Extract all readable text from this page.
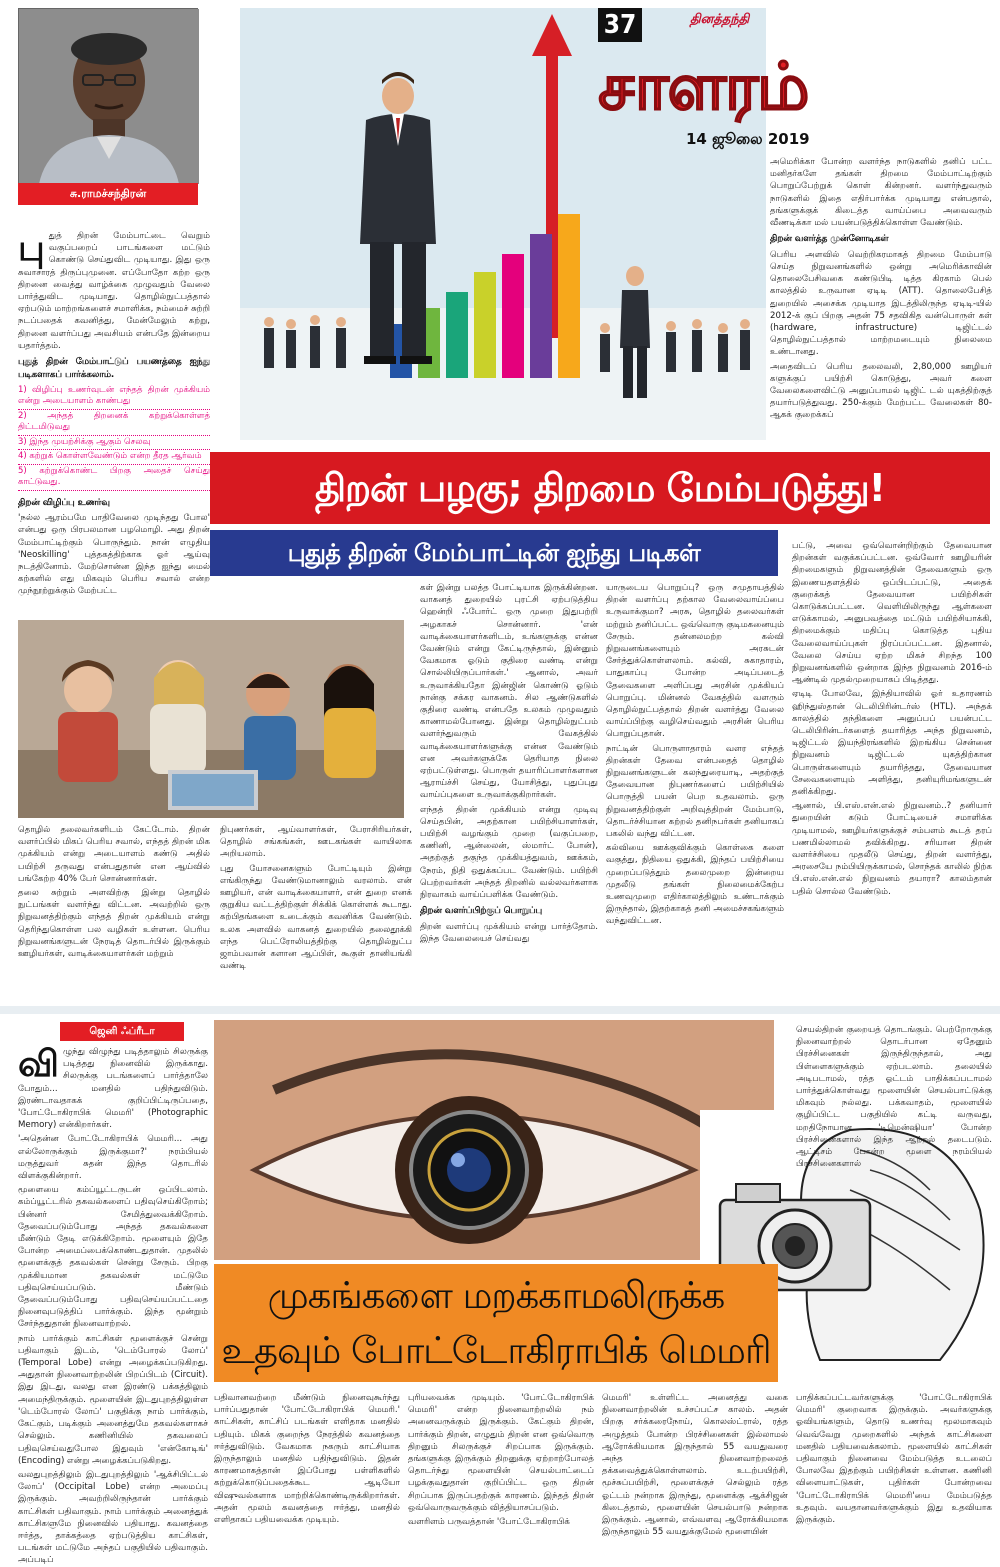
சு.ராமச்சந்திரன்
37	தினத்தந்தி
சாளரம்
14 ஜூலை 2019

அமெரிக்கா போன்ற வளர்ந்த நாடுகளில் தனிப் பட்ட மனிதர்களே தங்கள் திறமை மேம்பாட்டிற்கும் பொறுப்பேற்றுக் கொள் கின்றனர். வளர்ந்துவரும் நாடுகளில் இதை எதிர்பார்க்க முடியாது என்பதால், தங்களுக்குக் கிடைத்த வாய்ப்பை அவைவரும் வீணடிக்கா மல் பயன்படுத்திக்கொள்ள வேண்டும்.

திறன் வளர்த்த முன்னோடிகள்

பெரிய அளவில் வெற்றிகரமாகத் திறமை மேம்பாடு செய்த நிறுவனங்களில் ஒன்று அமெரிக்காவின் தொலைபேசிவகை கண்டுபிடி டித்த கிரகாம் பெல் காலத்தில் உருவான ஏடிடி (ATT). தொலைபேசித் துறையில் அசைக்க முடியாத இடத்திலிருந்த ஏடிடி-யில் 2012-க் குப் பிறகு அதன் 75 சதவிகித வன்பொருள் கள் (hardware, infrastructure) டிஜிட்டல் தொழில்நுட்பத்தால் மாற்றமடையும் நிலைமை உண்டானது.

அதைவிடப் பெரிய தலைவலி, 2,80,000 ஊழியர் களுக்குப் பயிற்சி கொடுத்து, அவர் களை வேலைகளைவிட்டு அனுப்பாமல் டிஜிட் டல் யுகத்திற்குத் தயார்படுத்துவது. 250-க்கும் மேற்பட்ட வேலைகள் 80-ஆகக் குறைக்கப்

பு துத் திறன் மேம்பாட்டை வெறும் வகுப்பறைப் பாடங்களை மட்டும் கொண்டு செய்துவிட முடியாது. இது ஒரு சுவாசாரத் திருப்புமுனை. எப்போதோ கற்ற ஒரு திறனை வைத்து வாழ்க்கை முழுவதும் வேலை பார்த்துவிட முடியாது. தொழில்நுட்பத்தால் ஏற்படும் மாற்றங்களைச் சமாளிக்க, நம்மைச் சுற்றி நடப்பதைக் கவனித்து, மேன்மேலும் கற்று, திறனை வளர்ப்பது அவசியம் என்பதே இன்றைய யதார்த்தம்.

புதுத் திறன் மேம்பாட்டுப் பயணத்தை ஐந்து படிகளாகப் பார்க்கலாம்.
1) விழிப்பு உணர்வுடன் எந்தத் திறன் முக்கியம் என்று அடையாளம் காண்பது
2) அந்தத் திறனைக் கற்றுக்கொள்ளத் திட்டமிடுவது
3) இந்த முயற்சிக்கு ஆகும் செலவு
4) கற்றுக் கொள்ளவேண்டும் என்ற தீரத ஆர்வம்
5) கற்றுக்கொண்ட பிறகு அதைச் செய்து காட்டுவது.
திறன் விழிப்பு உணர்வு

'நல்ல ஆரம்பமே பாதிவேலை முடிந்தது போல' என்பது ஒரு பிரபலமான பழமொழி. அது திறன் மேம்பாட்டிற்கும் பொருந்தும். நான் எழுதிய 'Neoskilling' புத்தகத்திற்காக ஓர் ஆய்வு நடத்தினோம். மேற்சொன்ன இந்த ஐந்து மைல் கற்களில் எது மிகவும் பெரிய சவால் என்ற முந்நூற்றுக்கும் மேற்பட்ட

திறன் பழகு; திறமை மேம்படுத்து!
புதுத் திறன் மேம்பாட்டின் ஐந்து படிகள்

கள் இன்று பலத்த போட்டியாக இருக்கின்றன. வாகனத் துறையில் புரட்சி ஏற்படுத்திய ஹென்றி ஃபோர்ட் ஒரு முறை இதுபற்றி அழகாகச் சொன்னார். 'என் வாடிக்கையாளர்களிடம், உங்களுக்கு என்ன வேண்டும் என்று கேட்டிருந்தால், இன்னும் வேகமாக ஓடும் குதிரை வண்டி என்று சொல்லியிருப்பார்கள்.' ஆனால், அவர் உருவாக்கியதோ இன்ஜின் கொண்டு ஓடும் நான்கு சக்கர வாகனம். சில ஆண்டுகளில் குதிரை வண்டி என்பதே உலகம் முழுவதும் காணாமல்போனது. இன்று தொழில்நுட்பம் வளர்ந்துவரும் வேகத்தில் வாடிக்கையாளர்களுக்கு என்ன வேண்டும் என அவர்களுக்கே தெரியாத நிலை ஏற்பட்டுள்ளது. பொருள் தயாரிப்பாளர்களான ஆராய்ச்சி செய்து, யோசித்து, புதுப்புது வாய்ப்புகளை உருவாக்குகிறார்கள்.

எந்தத் திறன் முக்கியம் என்று முடிவு செய்தபின், அதற்கான பயிற்சியாளர்கள், பயிற்சி வழங்கும் முறை (வகுப்பறை, கணினி, ஆன்லைன், ஸ்மார்ட் போன்), அதற்குத் தகுந்த முக்கியத்துவம், ஊக்கம், நேரம், நிதி ஒதுக்கப்பட வேண்டும். பயிற்சி பெற்றவர்கள் அந்தத் திறனில் வல்லவர்களாக நிரவாகம் வாய்ப்பளிக்க வேண்டும்.

திறன் வளர்ப்பிற்குப் பொறுப்பு

திறன் வளர்ப்பு முக்கியம் என்று பார்த்தோம். இந்த வேலையைச் செய்வது

யாருடைய பொறுப்பு? ஒரு சமுதாயத்தில் திறன் வளர்ப்பு தற்கால வேலைவாய்ப்பை உருவாக்குமா? அரசு, தொழில் தலைவர்கள் மற்றும் தனிப்பட்ட ஒவ்வொரு குடிமகனையும் சேரும். தன்னலமற்ற கல்வி நிறுவனங்களையும் அரசுடன் சேர்த்துக்கொள்ளலாம். கல்வி, சுகாதாரம், பாதுகாப்பு போன்ற அடிப்படைத் தேவைகளை அளிப்பது அரசின் முக்கியப் பொறுப்பு. மின்னல் வேகத்தில் வளரும் தொழில்நுட்பத்தால் திறன் வளர்த்து வேலை வாய்ப்பிற்கு வழிசெய்வதும் அரசின் பெரிய பொறுப்புதான்.

நாட்டின் பொருளாதாரம் வளர எந்தத் திறன்கள் தேவை என்பதைத் தொழில் நிறுவனங்களுடன் கலந்துரையாடி, அதற்குத் தேவையான நிபுணர்களைப் பயிற்சியில் பொருத்தி பயன் பெற உதவலாம். ஒரு நிறுவனத்திற்குள் அறிவுத்திறன் மேம்பாடு, தொடர்ச்சியான கற்றல் தனிநபர்கள் தனியாகப் பகலில் வந்து விட்டன.

கல்வியை ஊக்குவிக்கும் கொள்கை களை வகுத்து, நிதியை ஒதுக்கி, இந்தப் பயிற்சியை முறைப்படுத்தும் தலைமுறை இன்றைய முதலீடு தங்கள் நிலைமைக்கேற்ப உணவுமுறை எதிர்காலத்திலும் உண்டாக்கும் இருந்தால், இதற்காகத் தனி அமைச்சகங்களும் வந்துவிட்டன.

பட்டு, அவை ஒவ்வொன்றிற்கும் தேவையான திறன்கள் வகுக்கப்பட்டன. ஒவ்வோர் ஊழியரின் திறமைகளும் நிறுவனத்தின் தேவைகளும் ஒரு இணையதளத்தில் ஒப்பிடப்பட்டு, அதைக் குறைக்கத் தேவையான பயிற்சிகள் கொடுக்கப்பட்டன. வெளியிலிருந்து ஆள்களை எடுக்காமல், அனுபவத்தை மட்டும் பயிற்சியாக்கி, திறமைக்கும் மதிப்பு கொடுத்த புதிய வேலைவாய்ப்புகள் நிரப்பப்பட்டன. இதனால், வேலை செய்ய ஏற்ற மிகச் சிறந்த 100 நிறுவனங்களில் ஒன்றாக இந்த நிறுவனம் 2016-ம் ஆண்டில் முதல்முறையாகப் பிடித்தது.

ஏடிடி போலவே, இந்தியாவில் ஓர் உதாரணம் ஹிந்துஸ்தான் டெலிபிரின்டர்ஸ் (HTL). அந்தக் காலத்தில் தந்திகளை அனுப்பப் பயன்பட்ட டெலிபிரின்டர்களைத் தயாரித்த அந்த நிறுவனம், டிஜிட்டல் இயந்திரங்களில் இறங்கிய சென்னை நிறுவனம் டிஜிட்டல் யுகத்திற்கான பொருள்களையும் தயாரித்தது, தேவையான சேவைகளையும் அளித்து, தனியுரிமங்களுடன் தனிக்கிறது.

ஆனால், பி.எஸ்.என்.எல் நிறுவனம்..? தனியார் துறையின் கடும் போட்டியைச் சமாளிக்க முடியாமல், ஊழியர்களுக்குச் சம்பளம் கூடத் தரப் பணமில்லாமல் தவிக்கிறது. சரியான திறன் வளர்ச்சியை முதலீடு செய்து, திறன் வளர்த்து, அரசையே நம்பியிருக்காமல், சொந்தக் காலில் நிற்க பி.எஸ்.என்.எல் நிறுவனம் தயாரா? காலம்தான் பதில் சொல்ல வேண்டும்.

தொழில் தலைவர்களிடம் கேட்டோம். திறன் வளர்ப்பில் மிகப் பெரிய சவால், எந்தத் திறன் மிக முக்கியம் என்று அடையாளம் கண்டு அதில் பயிற்சி தருவது என்பதுதான் என ஆய்வில் பங்கேற்ற 40% பேர் சொன்னார்கள்.

தலை சுற்றும் அளவிற்கு இன்று தொழில் நுட்பங்கள் வளர்ந்து விட்டன. அவற்றில் ஒரு நிறுவனத்திற்கும் எந்தத் திறன் முக்கியம் என்று தெரிந்துகொள்ள பல வழிகள் உள்ளன. பெரிய நிறுவனங்களுடன் நேரடித் தொடர்பில் இருக்கும் ஊழியர்கள், வாடிக்கையாளர்கள் மற்றும்

நிபுணர்கள், ஆய்வாளர்கள், பேராசிரியர்கள், தொழில் சங்கங்கள், ஊடகங்கள் வாயிலாக அறியலாம்.

புது யோசனைகளும் போட்டியும் இன்று எங்கிருந்து வேண்டுமானாலும் வரலாம். என் ஊழியர், என் வாடிக்கையாளர், என் துறை எனக் குறுகிய வட்டத்திற்குள் சிக்கிக் கொள்ளக் கூடாது. கற்பிதங்களை உடைக்கும் கவனிக்க வேண்டும். உலக அளவில் வாகனத் துறையில் தலைதூக்கி எந்த பெட்ரோலியத்திற்கு தொழில்நுட்ப ஜாம்பவான் களான ஆப்பிள், கூகுள் தானியங்கி வண்டி

ஜெனி ஃப்ரீடா
வி ழுந்து விழுந்து படித்தாலும் சிலருக்கு படித்தது நினைவில் இருக்காது. சிலருக்கு படங்களைப் பார்த்தாலே போதும்... மனதில் பதிந்துவிடும். இரண்டாவதாகக் குறிப்பிட்டிருப்பதை, 'போட்டோகிராபிக் மெமரி' (Photographic Memory) என்கிறார்கள்.

'அதென்ன போட்டோகிராபிக் மெமரி... அது எல்லோருக்கும் இருக்குமா?' நரம்பியல் மருத்துவர் சுதன் இந்த தொடரில் விளக்குகின்றார்.

மூளையை கம்ப்யூட்டருடன் ஒப்பிடலாம். கம்ப்யூட்டரில் தகவல்களைப் பதிவுசெய்கிறோம்; பின்னர் சேமித்துவைக்கிறோம். தேவைப்படும்போது அந்தத் தகவல்களை மீண்டும் தேடி எடுக்கிறோம். மூளையும் இதே போன்ற அமைப்பைக்கொண்டதுதான். முதலில் மூளைக்குத் தகவல்கள் சென்று சேரும். பிறகு முக்கியமான தகவல்கள் மட்டுமே பதிவுசெய்யப்படும். மீண்டும் தேவைப்படும்போது பதிவுசெய்யப்பட்டதை நினைவுபடுத்திப் பார்க்கும். இந்த மூன்றும் சேர்ந்ததுதான் நினைவாற்றல்.

நாம் பார்க்கும் காட்சிகள் மூளைக்குச் சென்று பதிவாகும் இடம், 'டெம்போரல் லோப்' (Temporal Lobe) என்று அழைக்கப்படுகிறது. அதுதான் நினைவாற்றலின் பிறப்பிடம் (Circuit). இது இடது, வலது என இரண்டு பக்கத்திலும் அமைந்திருக்கும். மூளையின் இடதுபுறத்திலுள்ள 'டெம்போரல் லோப்' பகுதிக்கு நாம் பார்க்கும், கேட்கும், படிக்கும் அனைத்துமே தகவல்களாகச் செல்லும். கணினியில் தகவலைப் பதிவுசெய்வதுபோல இதுவும் 'என்கோடிங்' (Encoding) என்று அழைக்கப்படுகிறது.

வலதுபுறத்திலும் இடதுபுறத்திலும் 'ஆக்சிபிட்டல் லோப்' (Occipital Lobe) என்ற அமைப்பு இருக்கும். அவற்றிலிருந்தான் பார்க்கும் காட்சிகள் பதிவாகும். நாம் பார்க்கும் அனைத்துக் காட்சிகளுமே நினைவில் பதியாது. கவனத்தை ஈர்த்த, தாக்கத்தை ஏற்படுத்திய காட்சிகள், படங்கள் மட்டுமே அந்தப் பகுதியில் பதிவாகும். அப்படிப்

செயல்திறன் குறையத் தொடங்கும். பெற்றோருக்கு நினைவாற்றல் தொடர்பான ஏதேனும் பிரச்சினைகள் இருந்திருந்தால், அது பிள்ளைகளுக்கும் ஏற்படலாம். தலையில் அடிபடாமல், ரத்த ஓட்டம் பாதிக்கப்படாமல் பார்த்துக்கொள்வது மூளையின் செயல்பாட்டுக்கு மிகவும் நல்லது. பக்கவாதம், மூளையில் குழிப்பிட்ட பகுதியில் கட்டி வருவது, மறதிநோயான 'டிமென்ஷியா' போன்ற பிரச்சினைகளால் இந்த ஆற்றல் தடைபடும். ஆட்டிசம் போன்ற மூளை நரம்பியல் பிரச்சினைகளால்

முகங்களை மறக்காமலிருக்க உதவும் போட்டோகிராபிக் மெமரி

பதிவானவற்றை மீண்டும் நினைவுகூர்ந்து பார்ப்பதுதான் 'போட்டோகிராபிக் மெமரி.' காட்சிகள், காட்சிப் படங்கள் எளிதாக மனதில் பதியும். மிகக் குறைந்த நேரத்தில் கவனத்தை ஈர்த்துவிடும். வேகமாக நகரும் காட்சியாக இருந்தாலும் மனதில் பதிந்துவிடும். இதன் காரணமாகத்தான் இப்போது பள்ளிகளில் கற்றுக்கொடுப்பதைக்கூட ஆடியோ விஷுவல்களாக மாற்றிக்கொண்டிருக்கிறார்கள். அதன் மூலம் கவனத்தை ஈர்த்து, மனதில் எளிதாகப் பதியவைக்க முடியும்.

புரியவைக்க முடியும். 'போட்டோகிராபிக் மெமரி' என்ற நினைவாற்றலில் நம் அனைவருக்கும் இருக்கும். கேட்கும் திறன், பார்க்கும் திறன், எழுதும் திறன் என ஒவ்வொரு திறனும் சிலருக்குச் சிறப்பாக இருக்கும். தங்களுக்கு இருக்கும் திறனுக்கு ஏற்றாற்போலத் தொடர்ந்து மூளையின் செயல்பாட்டைப் பழக்குவதுதான் குறிப்பிட்ட ஒரு திறன் சிறப்பாக இருப்பதற்குக் காரணம். இந்தத் திறன் ஒவ்வொருவருக்கும் வித்தியாசப்படும்.

வளரிளம் பருவத்தான் 'போட்டோகிராபிக்

மெமரி' உள்ளிட்ட அனைத்து வகை நினைவாற்றலின் உச்சப்பட்ச காலம். அதன் பிறகு சர்க்கரைநோய், கொலஸ்ட்ரால், ரத்த அழுத்தம் போன்ற பிரச்சினைகள் இல்லாமல் ஆரோக்கியமாக இருந்தால் 55 வயதுவரை அந்த நினைவாற்றலைத் தக்கவைத்துக்கொள்ளலாம். உடற்பயிற்சி, மூச்சுப்பயிற்சி, மூளைக்குச் செல்லும் ரத்த ஓட்டம் நன்றாக இருந்து, மூளைக்கு ஆக்சிஜன் கிடைத்தால், மூளையின் செயல்பாடு நன்றாக இருக்கும். ஆனால், எவ்வளவு ஆரோக்கியமாக இருந்தாலும் 55 வயதுக்குமேல் மூளையின்

பாதிக்கப்பட்டவர்களுக்கு 'போட்டோகிராபிக் மெமரி' குறைவாக இருக்கும். அவர்களுக்கு ஓவியங்களும், தொடு உணர்வு மூலமாகவும் வெவ்வேறு முறைகளில் அந்தக் காட்சிகளை மனதில் பதியவைக்கலாம். மூளையில் காட்சிகள் பதிவாகும் நினைவை மேம்படுத்த உடலைப் போலவே இதற்கும் பயிற்சிகள் உள்ளன. கணினி விளையாட்டுகள், புதிர்கள் போன்றவை 'போட்டோகிராபிக் மெமரி'யை மேம்படுத்த உதவும். வயதானவர்களுக்கும் இது உதவியாக இருக்கும்.
